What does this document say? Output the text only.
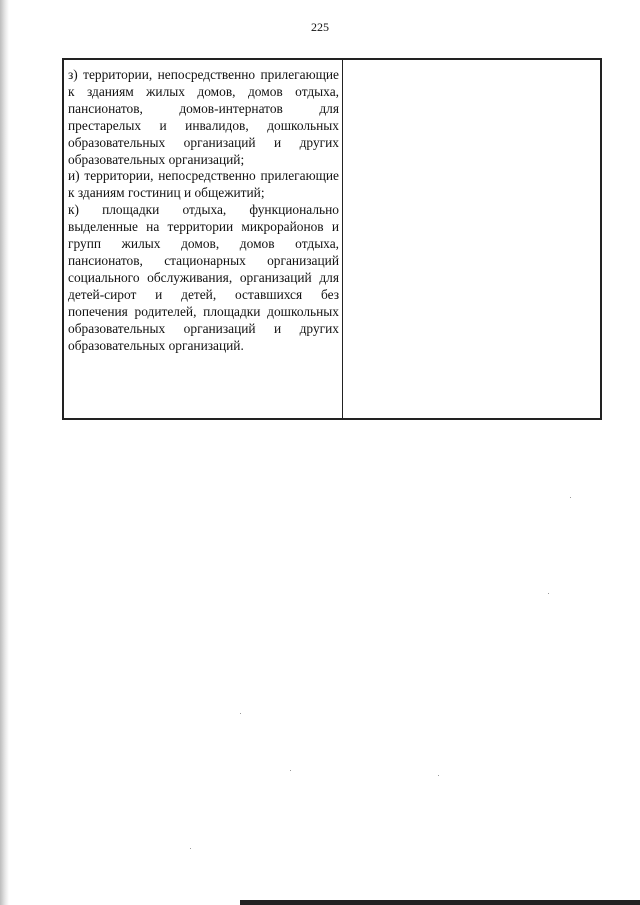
225

з) территории, непосредственно прилегающие к зданиям жилых домов, домов отдыха, пансионатов, домов-интернатов для престарелых и инвалидов, дошкольных образовательных организаций и других образовательных организаций;

и) территории, непосредственно прилегающие к зданиям гостиниц и общежитий;

к) площадки отдыха, функционально выделенные на территории микрорайонов и групп жилых домов, домов отдыха, пансионатов, стационарных организаций социального обслуживания, организаций для детей-сирот и детей, оставшихся без попечения родителей, площадки дошкольных образовательных организаций и других образовательных организаций.
